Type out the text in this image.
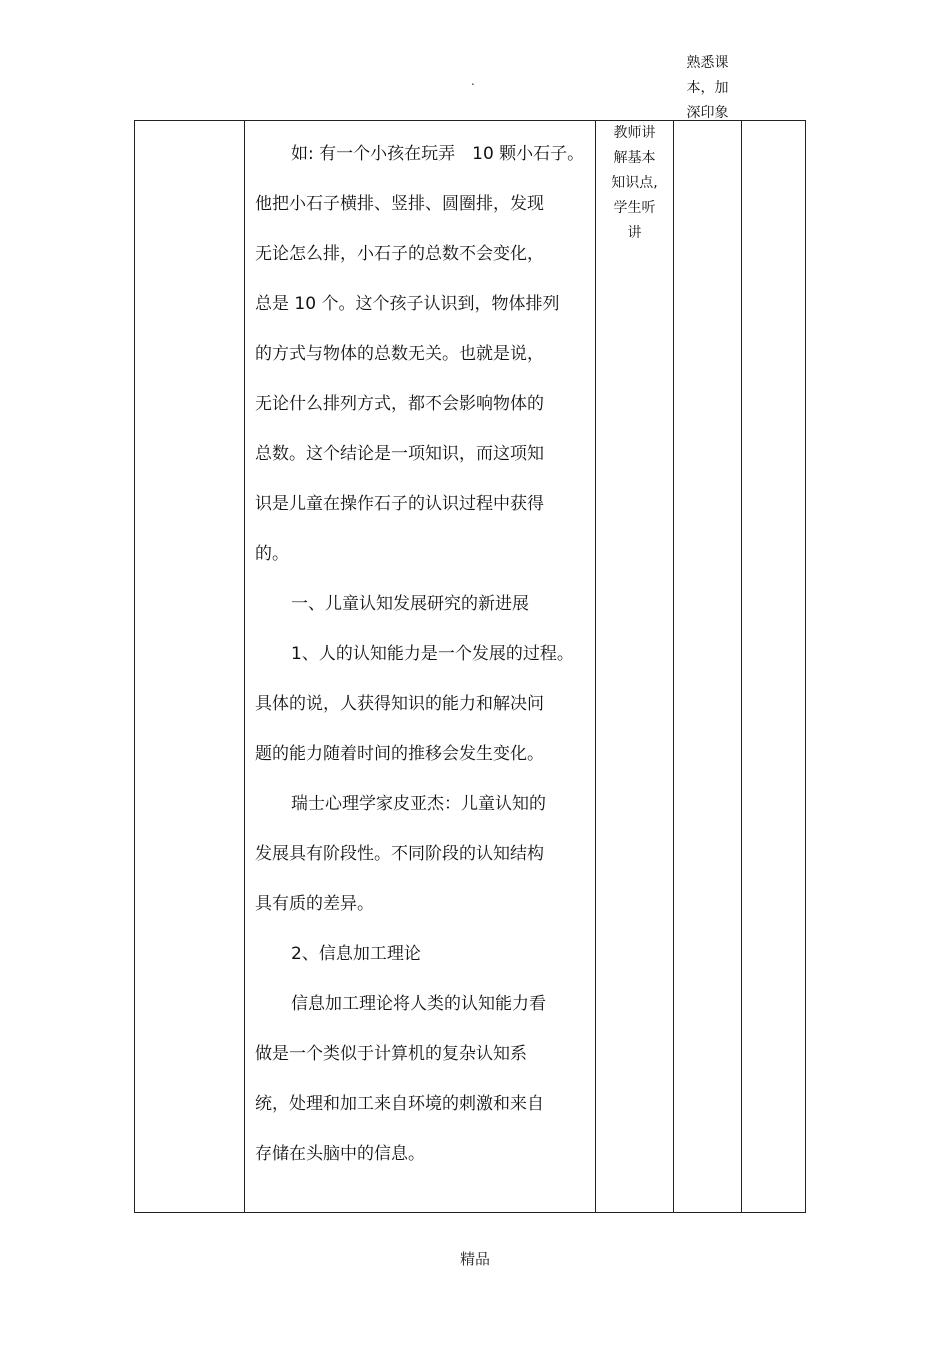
.

如: 有一个小孩在玩弄　10 颗小石子。
他把小石子横排、竖排、圆圈排，发现
无论怎么排，小石子的总数不会变化，
总是 10 个。这个孩子认识到，物体排列
的方式与物体的总数无关。也就是说，
无论什么排列方式，都不会影响物体的
总数。这个结论是一项知识，而这项知
识是儿童在操作石子的认识过程中获得
的。
一、儿童认知发展研究的新进展
1、人的认知能力是一个发展的过程。
具体的说，人获得知识的能力和解决问
题的能力随着时间的推移会发生变化。
瑞士心理学家皮亚杰：儿童认知的
发展具有阶段性。不同阶段的认知结构
具有质的差异。
2、信息加工理论
信息加工理论将人类的认知能力看
做是一个类似于计算机的复杂认知系
统，处理和加工来自环境的刺激和来自
存储在头脑中的信息。

教师讲
解基本
知识点,
学生听
讲

熟悉课
本，加
深印象

精品
